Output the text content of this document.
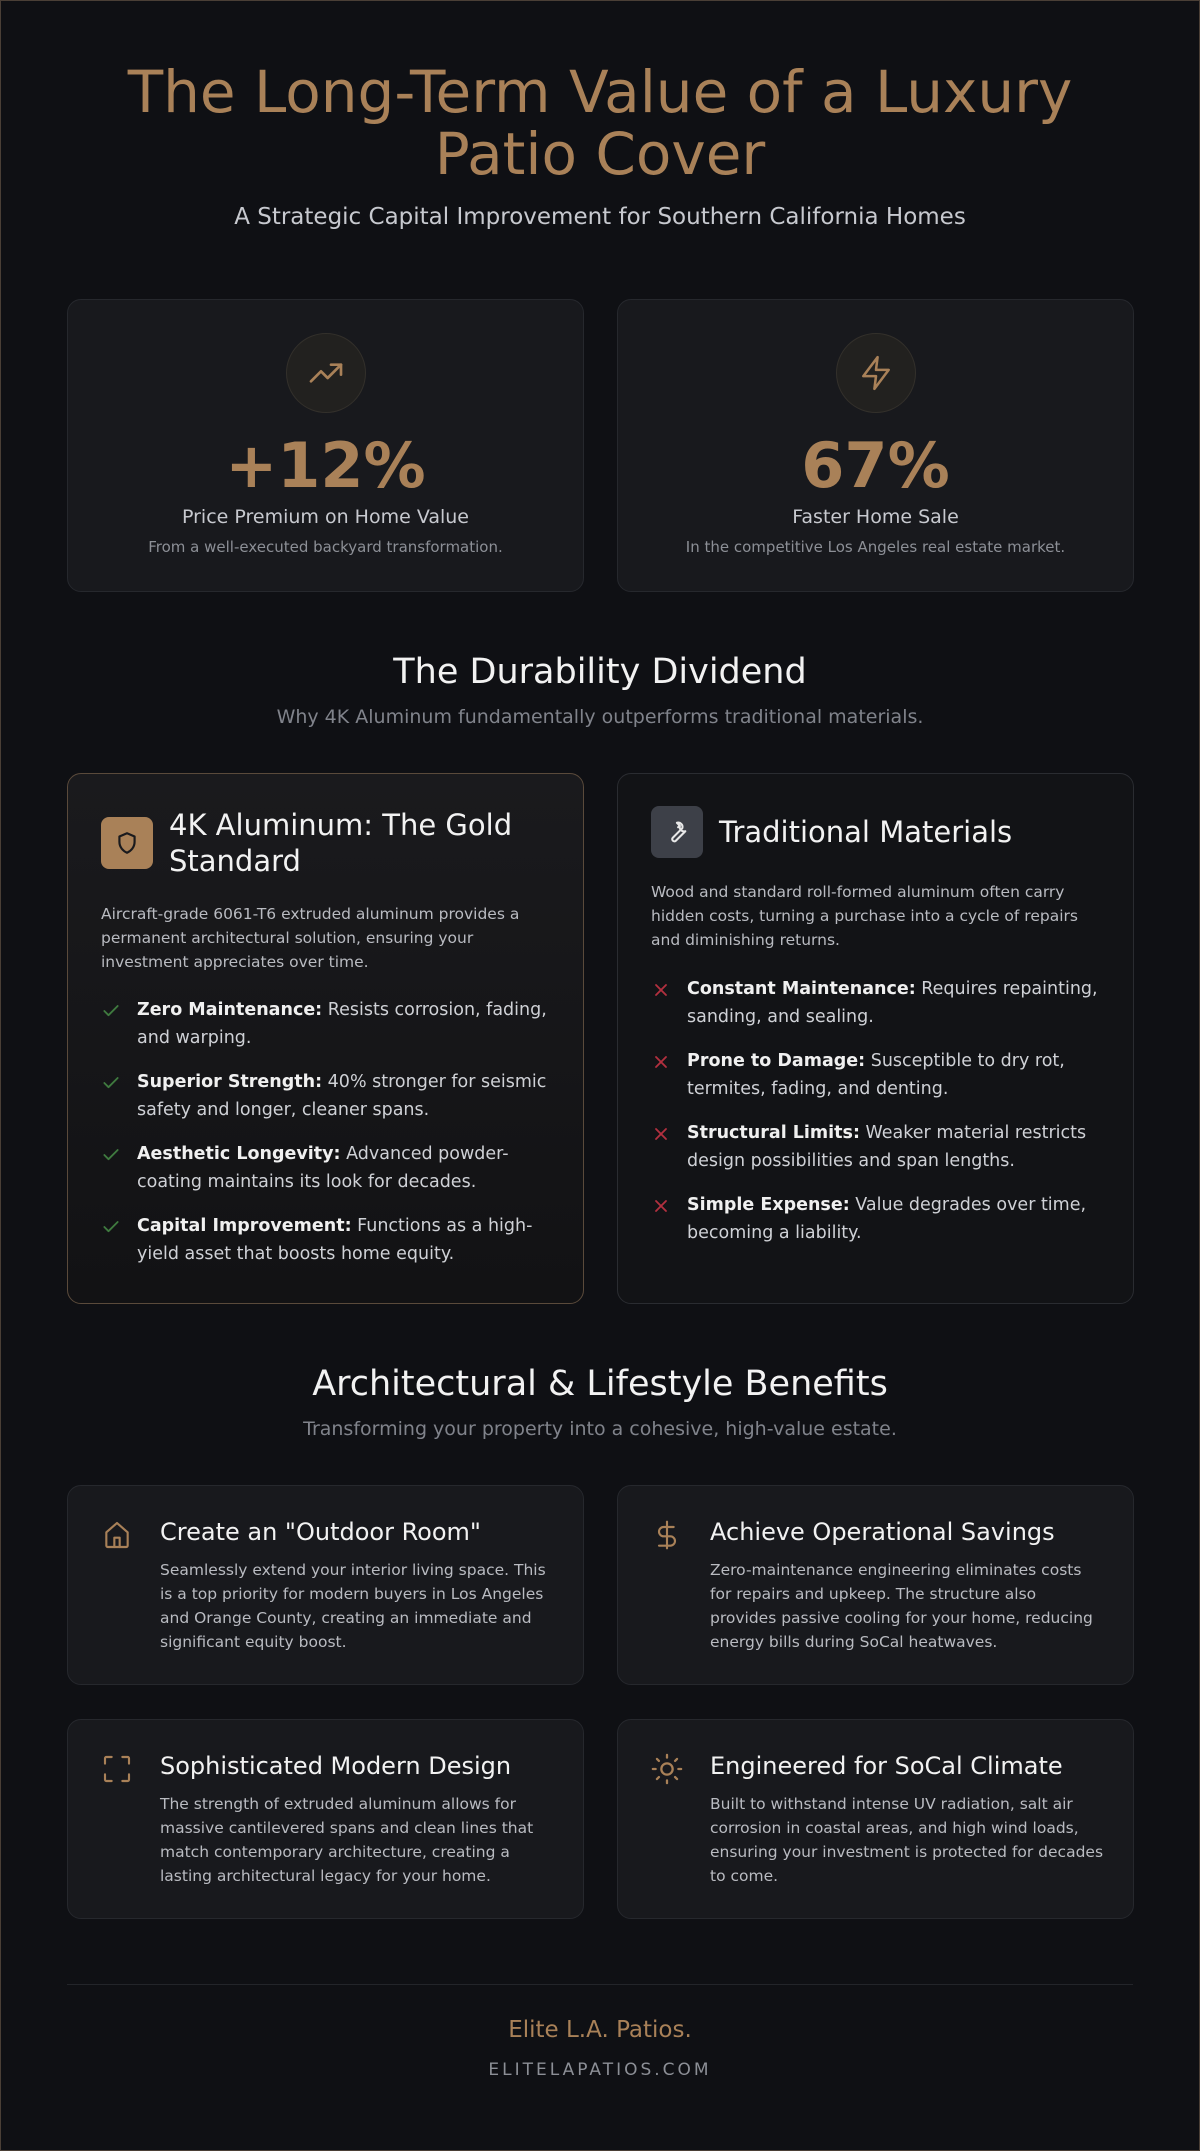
The Long-Term Value of a Luxury
Patio Cover
A Strategic Capital Improvement for Southern California Homes
+12%
Price Premium on Home Value
From a well-executed backyard transformation.
67%
Faster Home Sale
In the competitive Los Angeles real estate market.
The Durability Dividend
Why 4K Aluminum fundamentally outperforms traditional materials.
4K Aluminum: The Gold Standard
Aircraft-grade 6061-T6 extruded aluminum provides a permanent architectural solution, ensuring your investment appreciates over time.
Zero Maintenance: Resists corrosion, fading, and warping.
Superior Strength: 40% stronger for seismic safety and longer, cleaner spans.
Aesthetic Longevity: Advanced powder-coating maintains its look for decades.
Capital Improvement: Functions as a high-yield asset that boosts home equity.
Traditional Materials
Wood and standard roll-formed aluminum often carry hidden costs, turning a purchase into a cycle of repairs and diminishing returns.
Constant Maintenance: Requires repainting, sanding, and sealing.
Prone to Damage: Susceptible to dry rot, termites, fading, and denting.
Structural Limits: Weaker material restricts design possibilities and span lengths.
Simple Expense: Value degrades over time, becoming a liability.
Architectural & Lifestyle Benefits
Transforming your property into a cohesive, high-value estate.
Create an "Outdoor Room"
Seamlessly extend your interior living space. This is a top priority for modern buyers in Los Angeles and Orange County, creating an immediate and significant equity boost.
Achieve Operational Savings
Zero-maintenance engineering eliminates costs for repairs and upkeep. The structure also provides passive cooling for your home, reducing energy bills during SoCal heatwaves.
Sophisticated Modern Design
The strength of extruded aluminum allows for massive cantilevered spans and clean lines that match contemporary architecture, creating a lasting architectural legacy for your home.
Engineered for SoCal Climate
Built to withstand intense UV radiation, salt air corrosion in coastal areas, and high wind loads, ensuring your investment is protected for decades to come.
Elite L.A. Patios.
ELITELAPATIOS.COM
